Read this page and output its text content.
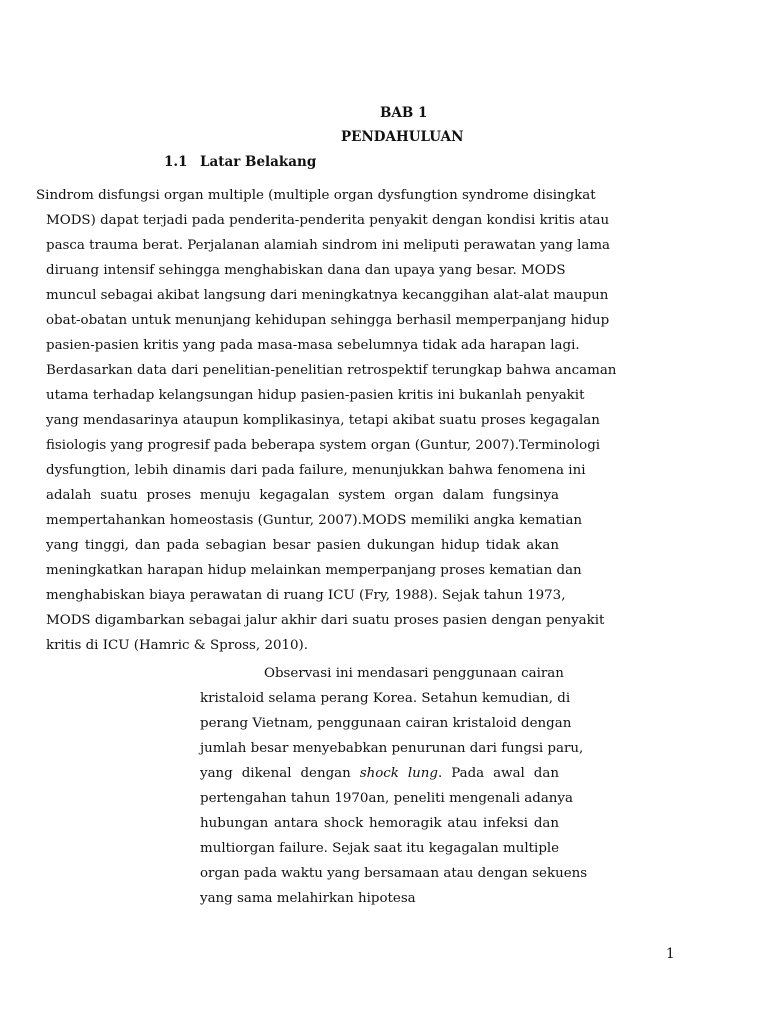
BAB 1
PENDAHULUAN
1.1 Latar Belakang
Sindrom disfungsi organ multiple (multiple organ dysfungtion syndrome disingkat
MODS) dapat terjadi pada penderita-penderita penyakit dengan kondisi kritis atau
pasca trauma berat. Perjalanan alamiah sindrom ini meliputi perawatan yang lama
diruang intensif sehingga menghabiskan dana dan upaya yang besar. MODS
muncul sebagai akibat langsung dari meningkatnya kecanggihan alat-alat maupun
obat-obatan untuk menunjang kehidupan sehingga berhasil memperpanjang hidup
pasien-pasien kritis yang pada masa-masa sebelumnya tidak ada harapan lagi.
Berdasarkan data dari penelitian-penelitian retrospektif terungkap bahwa ancaman
utama terhadap kelangsungan hidup pasien-pasien kritis ini bukanlah penyakit
yang mendasarinya ataupun komplikasinya, tetapi akibat suatu proses kegagalan
fisiologis yang progresif pada beberapa system organ (Guntur, 2007).Terminologi
dysfungtion, lebih dinamis dari pada failure, menunjukkan bahwa fenomena ini
adalah suatu proses menuju kegagalan system organ dalam fungsinya
mempertahankan homeostasis (Guntur, 2007).MODS memiliki angka kematian
yang tinggi, dan pada sebagian besar pasien dukungan hidup tidak akan
meningkatkan harapan hidup melainkan memperpanjang proses kematian dan
menghabiskan biaya perawatan di ruang ICU (Fry, 1988). Sejak tahun 1973,
MODS digambarkan sebagai jalur akhir dari suatu proses pasien dengan penyakit
kritis di ICU (Hamric & Spross, 2010).
Observasi ini mendasari penggunaan cairan
kristaloid selama perang Korea. Setahun kemudian, di
perang Vietnam, penggunaan cairan kristaloid dengan
jumlah besar menyebabkan penurunan dari fungsi paru,
yang dikenal dengan shock lung. Pada awal dan
pertengahan tahun 1970an, peneliti mengenali adanya
hubungan antara shock hemoragik atau infeksi dan
multiorgan failure. Sejak saat itu kegagalan multiple
organ pada waktu yang bersamaan atau dengan sekuens
yang sama melahirkan hipotesa
1
